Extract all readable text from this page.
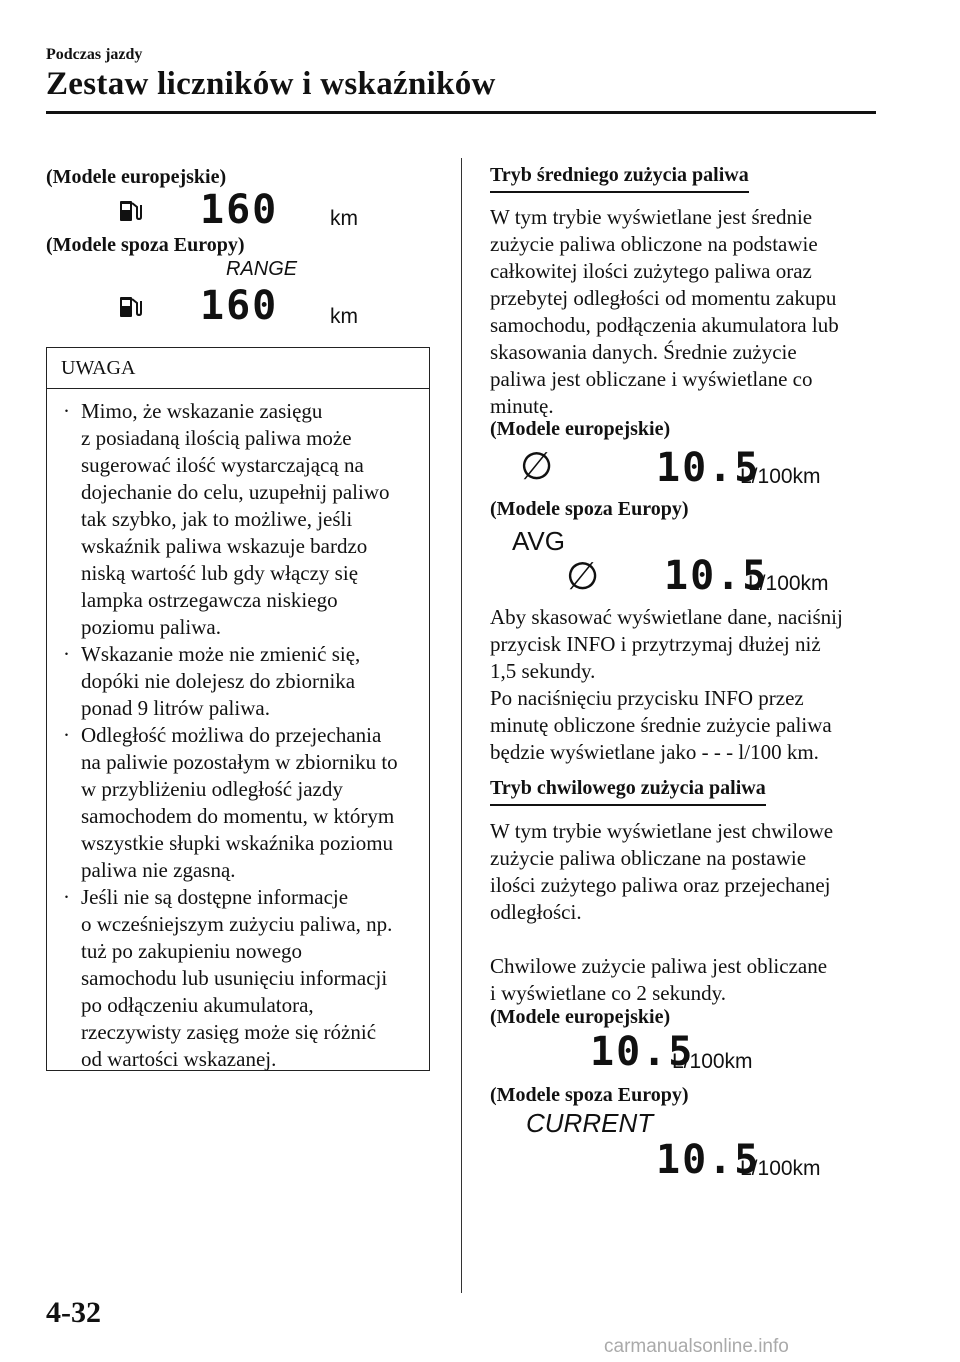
Podczas jazdy
Zestaw liczników i wskaźników
(Modele europejskie)
160 km
(Modele spoza Europy)
RANGE
160 km
UWAGA
· Mimo, że wskazanie zasięgu
z posiadaną ilością paliwa może
sugerować ilość wystarczającą na
dojechanie do celu, uzupełnij paliwo
tak szybko, jak to możliwe, jeśli
wskaźnik paliwa wskazuje bardzo
niską wartość lub gdy włączy się
lampka ostrzegawcza niskiego
poziomu paliwa.
· Wskazanie może nie zmienić się,
dopóki nie dolejesz do zbiornika
ponad 9 litrów paliwa.
· Odległość możliwa do przejechania
na paliwie pozostałym w zbiorniku to
w przybliżeniu odległość jazdy
samochodem do momentu, w którym
wszystkie słupki wskaźnika poziomu
paliwa nie zgasną.
· Jeśli nie są dostępne informacje
o wcześniejszym zużyciu paliwa, np.
tuż po zakupieniu nowego
samochodu lub usunięciu informacji
po odłączeniu akumulatora,
rzeczywisty zasięg może się różnić
od wartości wskazanej.
Tryb średniego zużycia paliwa
W tym trybie wyświetlane jest średnie
zużycie paliwa obliczone na podstawie
całkowitej ilości zużytego paliwa oraz
przebytej odległości od momentu zakupu
samochodu, podłączenia akumulatora lub
skasowania danych. Średnie zużycie
paliwa jest obliczane i wyświetlane co
minutę.
(Modele europejskie)
∅	10.5
L/100km
(Modele spoza Europy)
AVG
∅ 10.5
L/100km
Aby skasować wyświetlane dane, naciśnij
przycisk INFO i przytrzymaj dłużej niż
1,5 sekundy.
Po naciśnięciu przycisku INFO przez
minutę obliczone średnie zużycie paliwa
będzie wyświetlane jako - - - l/100 km.
Tryb chwilowego zużycia paliwa
W tym trybie wyświetlane jest chwilowe
zużycie paliwa obliczane na postawie
ilości zużytego paliwa oraz przejechanej
odległości.
Chwilowe zużycie paliwa jest obliczane
i wyświetlane co 2 sekundy.
(Modele europejskie)
10.5
L/100km
(Modele spoza Europy)
CURRENT
10.5
L/100km
4-32
carmanualsonline.info
